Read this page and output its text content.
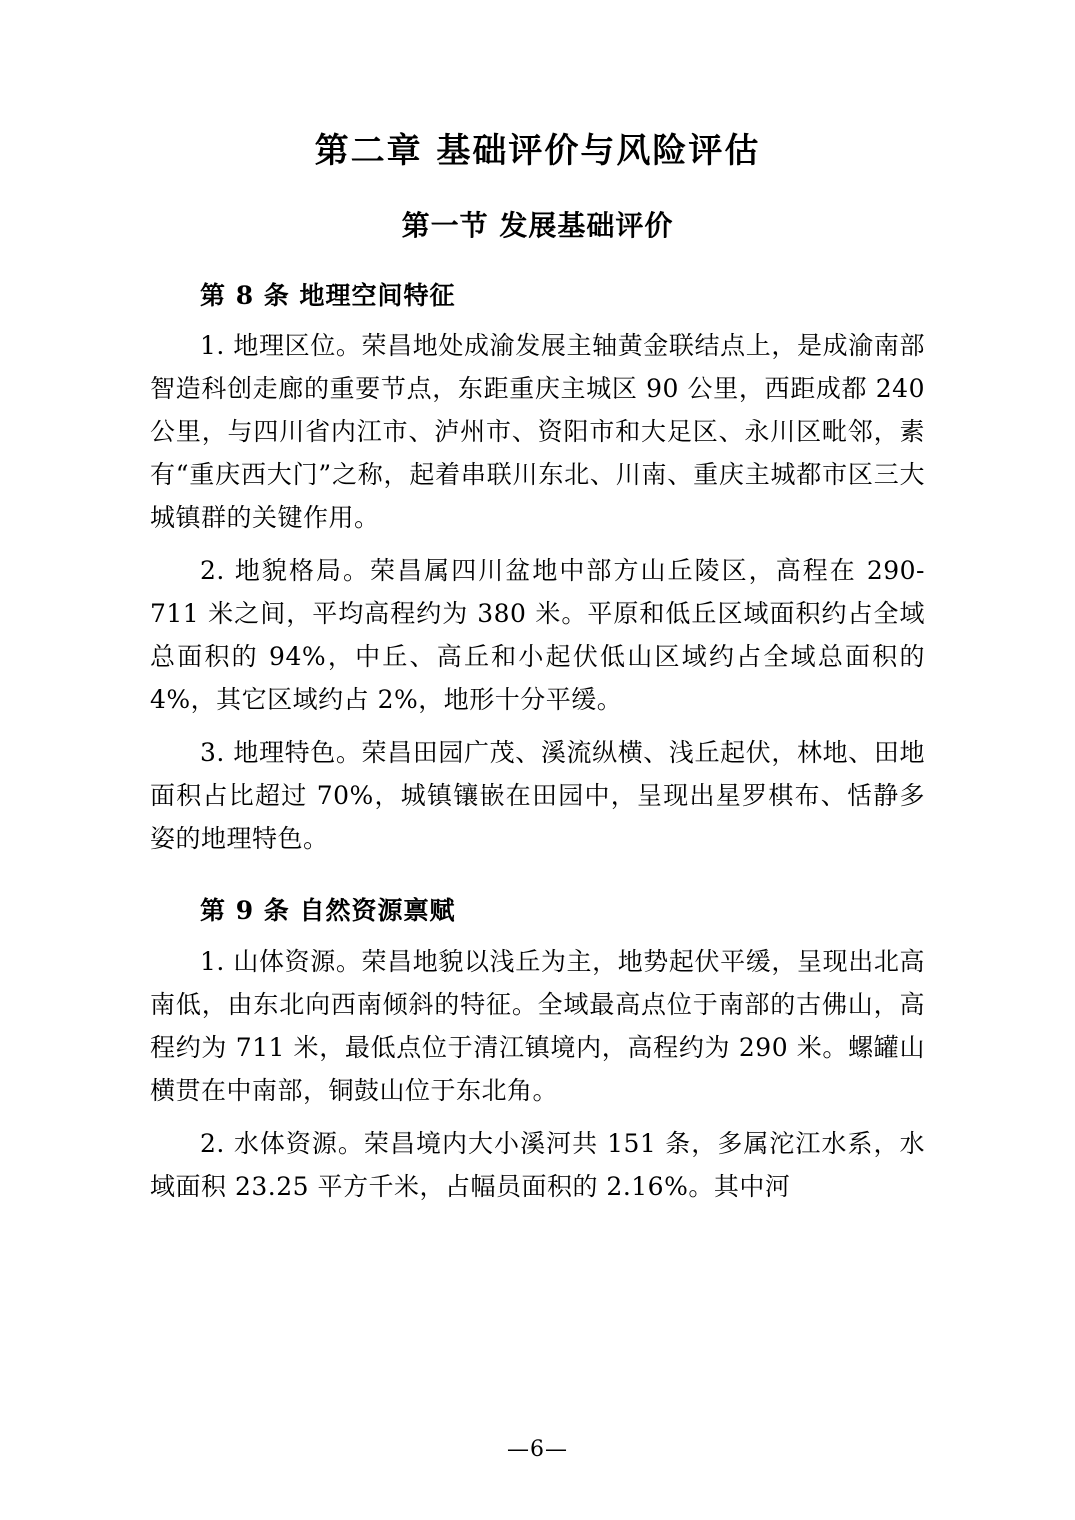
第二章 基础评价与风险评估
第一节 发展基础评价
第 8 条 地理空间特征

1. 地理区位。荣昌地处成渝发展主轴黄金联结点上，是成渝南部智造科创走廊的重要节点，东距重庆主城区 90 公里，西距成都 240 公里，与四川省内江市、泸州市、资阳市和大足区、永川区毗邻，素有“重庆西大门”之称，起着串联川东北、川南、重庆主城都市区三大城镇群的关键作用。

2. 地貌格局。荣昌属四川盆地中部方山丘陵区，高程在 290-711 米之间，平均高程约为 380 米。平原和低丘区域面积约占全域总面积的 94%，中丘、高丘和小起伏低山区域约占全域总面积的 4%，其它区域约占 2%，地形十分平缓。

3. 地理特色。荣昌田园广茂、溪流纵横、浅丘起伏，林地、田地面积占比超过 70%，城镇镶嵌在田园中，呈现出星罗棋布、恬静多姿的地理特色。

第 9 条 自然资源禀赋

1. 山体资源。荣昌地貌以浅丘为主，地势起伏平缓，呈现出北高南低，由东北向西南倾斜的特征。全域最高点位于南部的古佛山，高程约为 711 米，最低点位于清江镇境内，高程约为 290 米。螺罐山横贯在中南部，铜鼓山位于东北角。

2. 水体资源。荣昌境内大小溪河共 151 条，多属沱江水系，水域面积 23.25 平方千米，占幅员面积的 2.16%。其中河

—6—
